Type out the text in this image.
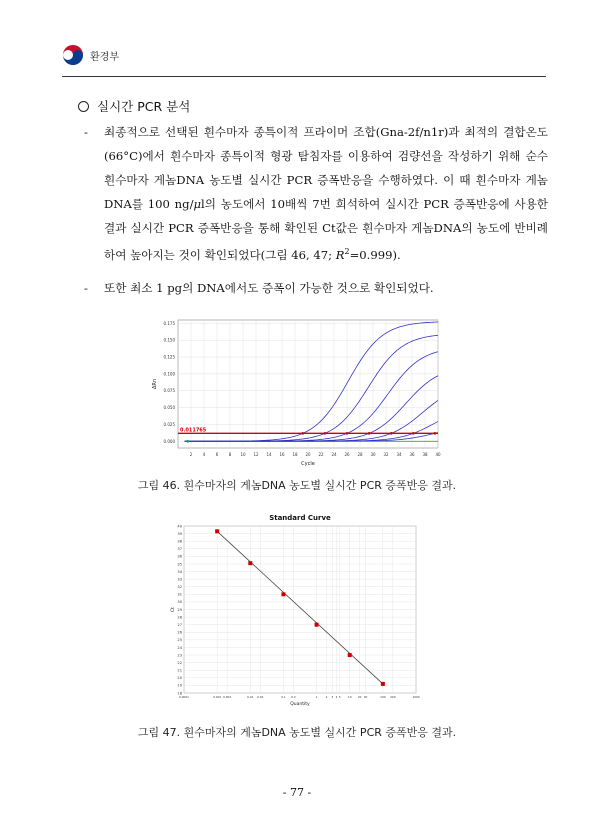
환경부
실시간 PCR 분석
- 최종적으로 선택된 흰수마자 종특이적 프라이머 조합(Gna-2f/n1r)과 최적의 결합온도(66°C)에서 흰수마자 종특이적 형광 탐침자를 이용하여 검량선을 작성하기 위해 순수 흰수마자 게놈DNA 농도별 실시간 PCR 증폭반응을 수행하였다. 이 때 흰수마자 게놈DNA를 100 ng/μl의 농도에서 10배씩 7번 희석하여 실시간 PCR 증폭반응에 사용한 결과 실시간 PCR 증폭반응을 통해 확인된 Ct값은 흰수마자 게놈DNA의 농도에 반비례하여 높아지는 것이 확인되었다(그림 46, 47; $R^2=0.999$).
- 또한 최소 1 pg의 DNA에서도 증폭이 가능한 것으로 확인되었다.
2	4	6	8 10 12 14 16 18 20 22 24 26 28 30 32 34 36 38 40
0.000
0.025
0.050
0.075
0.100
0.125
0.150
0.175
Cycle
ΔRn
0.011765
그림 46. 흰수마자의 게놈DNA 농도별 실시간 PCR 증폭반응 결과.
Standard Curve
18
19
20
21
22
23
24
25
26
27
28
29
30
31
32
33
34
35
36
37
38
39
40
0.0001	0.001 0.002	0.01 0.02	0.1 0.2	1	2 3 4 5	10 20 30	100 200	1000
Quantity
Ct
그림 47. 흰수마자의 게놈DNA 농도별 실시간 PCR 증폭반응 결과.
- 77 -
